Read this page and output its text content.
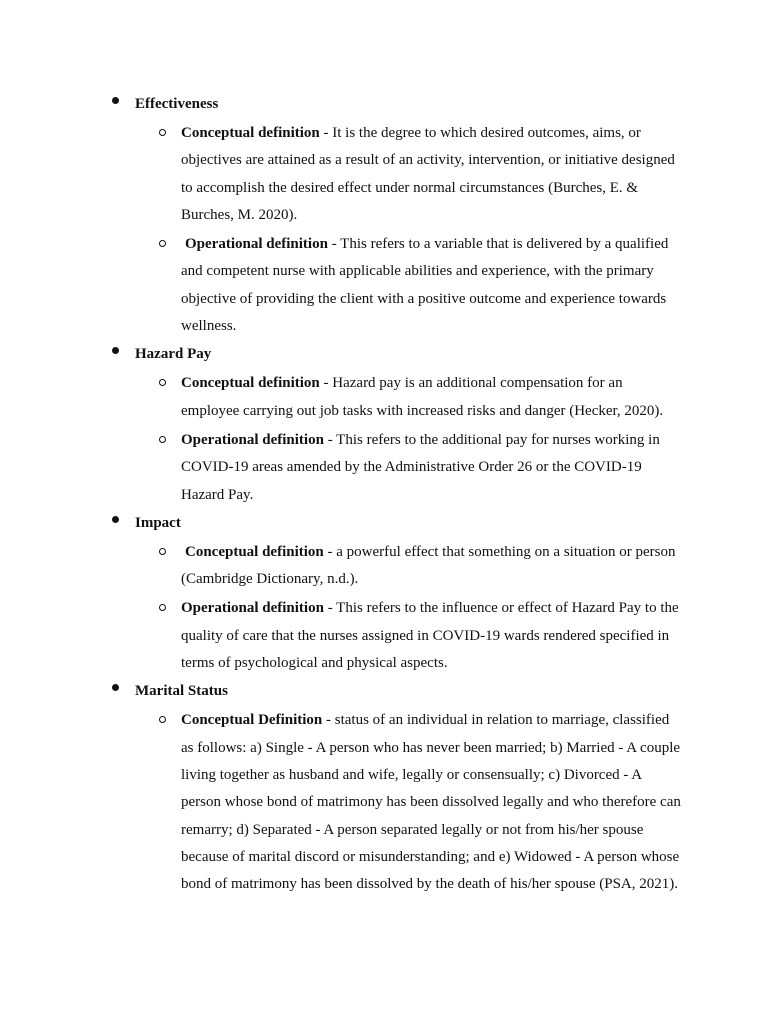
Effectiveness
Conceptual definition - It is the degree to which desired outcomes, aims, or objectives are attained as a result of an activity, intervention, or initiative designed to accomplish the desired effect under normal circumstances (Burches, E. & Burches, M. 2020).
Operational definition - This refers to a variable that is delivered by a qualified and competent nurse with applicable abilities and experience, with the primary objective of providing the client with a positive outcome and experience towards wellness.
Hazard Pay
Conceptual definition - Hazard pay is an additional compensation for an employee carrying out job tasks with increased risks and danger (Hecker, 2020).
Operational definition - This refers to the additional pay for nurses working in COVID-19 areas amended by the Administrative Order 26 or the COVID-19 Hazard Pay.
Impact
Conceptual definition - a powerful effect that something on a situation or person (Cambridge Dictionary, n.d.).
Operational definition - This refers to the influence or effect of Hazard Pay to the quality of care that the nurses assigned in COVID-19 wards rendered specified in terms of psychological and physical aspects.
Marital Status
Conceptual Definition - status of an individual in relation to marriage, classified as follows: a) Single - A person who has never been married; b) Married - A couple living together as husband and wife, legally or consensually; c) Divorced - A person whose bond of matrimony has been dissolved legally and who therefore can remarry; d) Separated - A person separated legally or not from his/her spouse because of marital discord or misunderstanding; and e) Widowed - A person whose bond of matrimony has been dissolved by the death of his/her spouse (PSA, 2021).
